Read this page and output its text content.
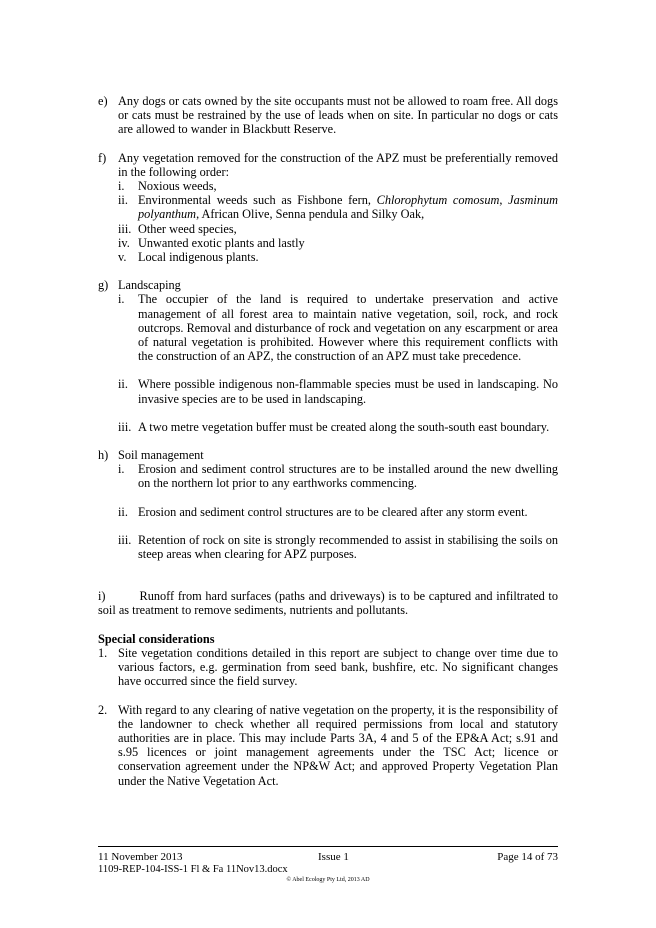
e) Any dogs or cats owned by the site occupants must not be allowed to roam free. All dogs or cats must be restrained by the use of leads when on site. In particular no dogs or cats are allowed to wander in Blackbutt Reserve.
f) Any vegetation removed for the construction of the APZ must be preferentially removed in the following order:
i.	Noxious weeds,
ii. Environmental weeds such as Fishbone fern, Chlorophytum comosum, Jasminum polyanthum, African Olive, Senna pendula and Silky Oak,
iii. Other weed species,
iv. Unwanted exotic plants and lastly
v. Local indigenous plants.
g) Landscaping
i.	The occupier of the land is required to undertake preservation and active management of all forest area to maintain native vegetation, soil, rock, and rock outcrops. Removal and disturbance of rock and vegetation on any escarpment or area of natural vegetation is prohibited. However where this requirement conflicts with the construction of an APZ, the construction of an APZ must take precedence.
ii. Where possible indigenous non-flammable species must be used in landscaping. No invasive species are to be used in landscaping.
iii. A two metre vegetation buffer must be created along the south-south east boundary.
h) Soil management
i.	Erosion and sediment control structures are to be installed around the new dwelling on the northern lot prior to any earthworks commencing.
ii. Erosion and sediment control structures are to be cleared after any storm event.
iii. Retention of rock on site is strongly recommended to assist in stabilising the soils on steep areas when clearing for APZ purposes.
i)	Runoff from hard surfaces (paths and driveways) is to be captured and infiltrated to soil as treatment to remove sediments, nutrients and pollutants.
Special considerations
1. Site vegetation conditions detailed in this report are subject to change over time due to various factors, e.g. germination from seed bank, bushfire, etc. No significant changes have occurred since the field survey.
2. With regard to any clearing of native vegetation on the property, it is the responsibility of the landowner to check whether all required permissions from local and statutory authorities are in place. This may include Parts 3A, 4 and 5 of the EP&A Act; s.91 and s.95 licences or joint management agreements under the TSC Act; licence or conservation agreement under the NP&W Act; and approved Property Vegetation Plan under the Native Vegetation Act.
11 November 2013	Issue 1	Page 14 of 73
1109-REP-104-ISS-1 Fl & Fa 11Nov13.docx
© Abel Ecology Pty Ltd, 2013 AD
